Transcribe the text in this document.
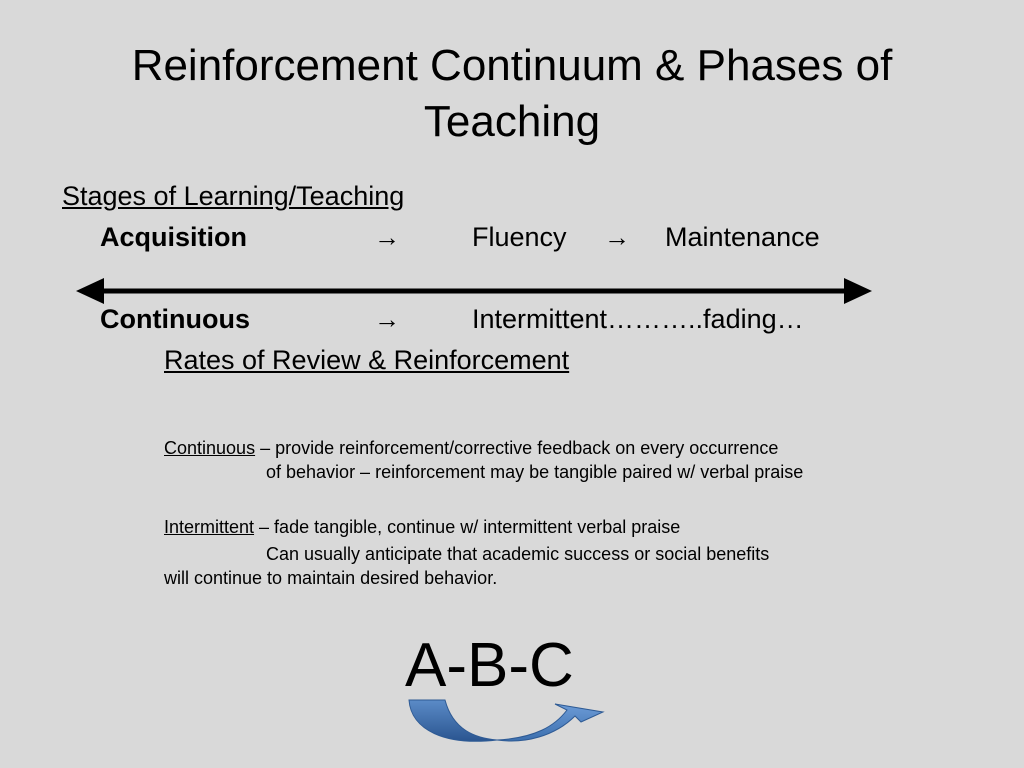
Reinforcement Continuum & Phases of Teaching
Stages of Learning/Teaching
Acquisition	→	Fluency → Maintenance
Continuous	→	Intermittent………..fading…
Rates of Review & Reinforcement
Continuous – provide reinforcement/corrective feedback on every occurrence
of behavior – reinforcement may be tangible paired w/ verbal praise
Intermittent – fade tangible, continue w/ intermittent verbal praise
Can usually anticipate that academic success or social benefits
will continue to maintain desired behavior.
A-B-C
